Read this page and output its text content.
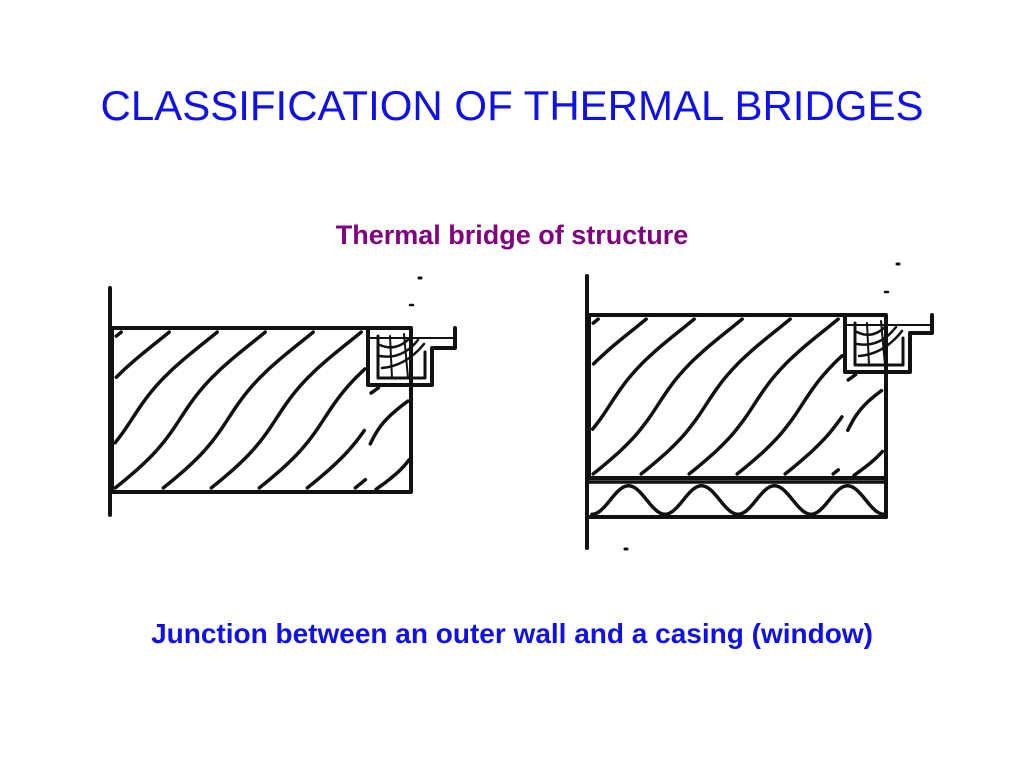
CLASSIFICATION OF THERMAL BRIDGES
Thermal bridge of structure
Junction between an outer wall and a casing (window)
